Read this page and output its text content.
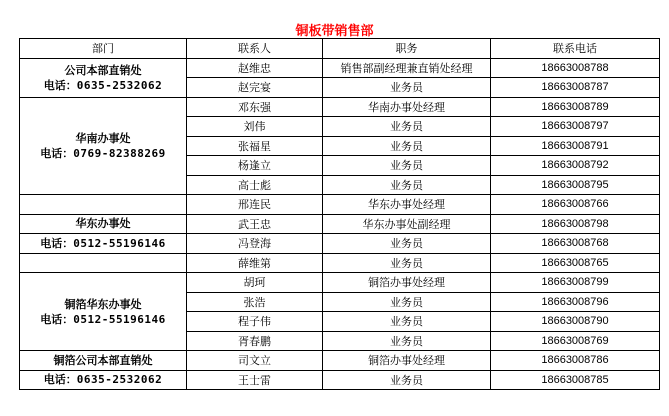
铜板带销售部
部门	联系人	职务	联系电话

公司本部直销处
电话：0635-2532062	赵维忠	销售部副经理兼直销处经理	18663008788
	赵完宴	业务员	18663008787

华南办事处
电话：0769-82388269	邓东强	华南办事处经理	18663008789
	刘伟	业务员	18663008797
	张福星	业务员	18663008791
	杨逢立	业务员	18663008792
	高士彪	业务员	18663008795
	邢连民	华东办事处经理	18663008766
华东办事处	武王忠	华东办事处副经理	18663008798
电话：0512-55196146	冯登海	业务员	18663008768
	薛维第	业务员	18663008765

铜箔华东办事处
电话：0512-55196146	胡珂	铜箔办事处经理	18663008799
	张浩	业务员	18663008796
	程子伟	业务员	18663008790
	胥春鹏	业务员	18663008769
铜箔公司本部直销处	司文立	铜箔办事处经理	18663008786
电话：0635-2532062	王士雷	业务员	18663008785
